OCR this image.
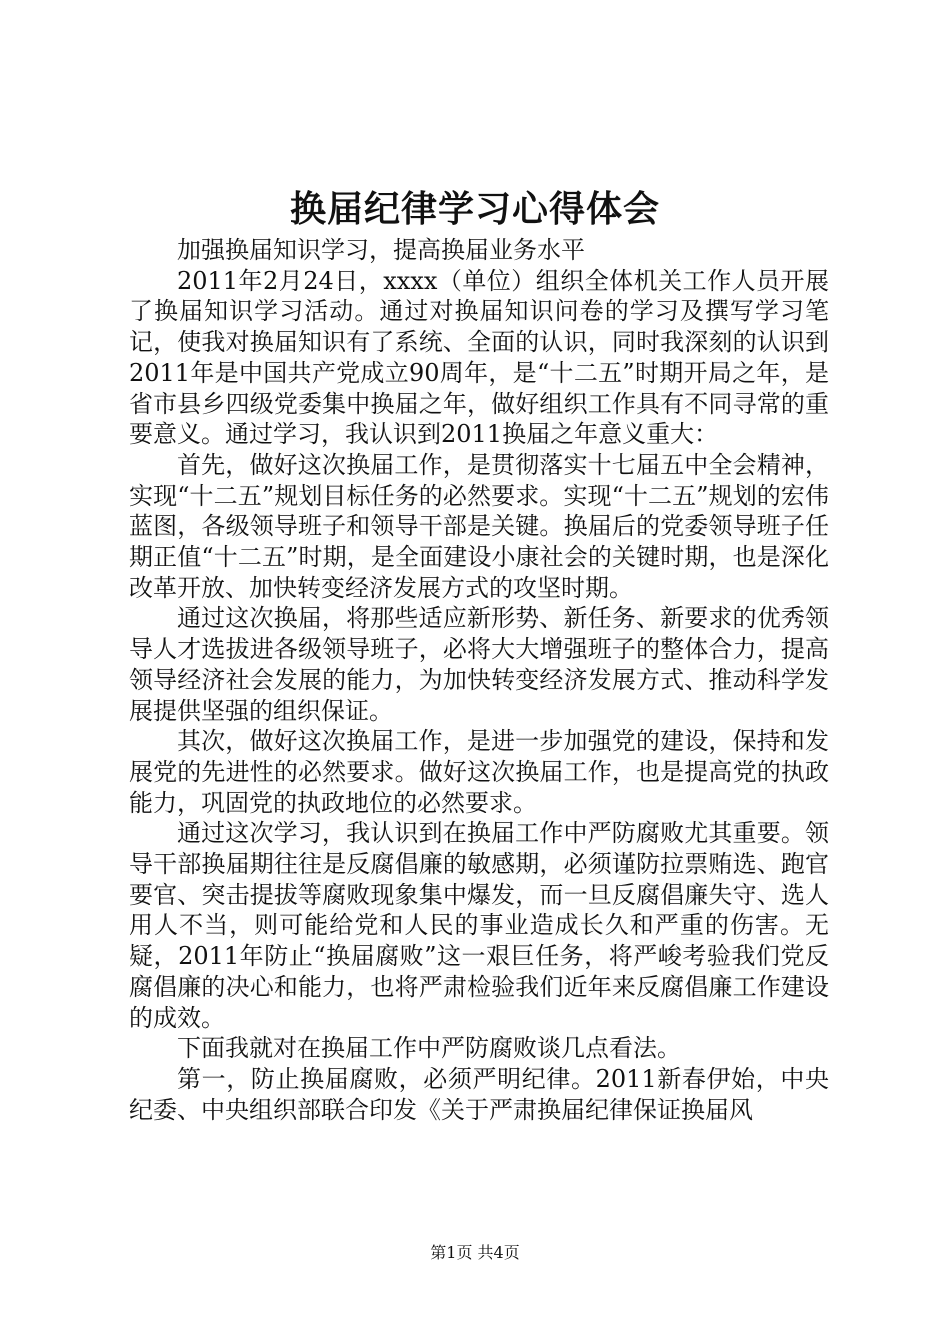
换届纪律学习心得体会

加强换届知识学习，提高换届业务水平

2011年2月24日，xxxx（单位）组织全体机关工作人员开展了换届知识学习活动。通过对换届知识问卷的学习及撰写学习笔记，使我对换届知识有了系统、全面的认识，同时我深刻的认识到2011年是中国共产党成立90周年，是“十二五”时期开局之年，是省市县乡四级党委集中换届之年，做好组织工作具有不同寻常的重要意义。通过学习，我认识到2011换届之年意义重大：

首先，做好这次换届工作，是贯彻落实十七届五中全会精神，实现“十二五”规划目标任务的必然要求。实现“十二五”规划的宏伟蓝图，各级领导班子和领导干部是关键。换届后的党委领导班子任期正值“十二五”时期，是全面建设小康社会的关键时期，也是深化改革开放、加快转变经济发展方式的攻坚时期。

通过这次换届，将那些适应新形势、新任务、新要求的优秀领导人才选拔进各级领导班子，必将大大增强班子的整体合力，提高领导经济社会发展的能力，为加快转变经济发展方式、推动科学发展提供坚强的组织保证。

其次，做好这次换届工作，是进一步加强党的建设，保持和发展党的先进性的必然要求。做好这次换届工作，也是提高党的执政能力，巩固党的执政地位的必然要求。

通过这次学习，我认识到在换届工作中严防腐败尤其重要。领导干部换届期往往是反腐倡廉的敏感期，必须谨防拉票贿选、跑官要官、突击提拔等腐败现象集中爆发，而一旦反腐倡廉失守、选人用人不当，则可能给党和人民的事业造成长久和严重的伤害。无疑，2011年防止“换届腐败”这一艰巨任务，将严峻考验我们党反腐倡廉的决心和能力，也将严肃检验我们近年来反腐倡廉工作建设的成效。

下面我就对在换届工作中严防腐败谈几点看法。

第一，防止换届腐败，必须严明纪律。2011新春伊始，中央纪委、中央组织部联合印发《关于严肃换届纪律保证换届风

第1页 共4页
